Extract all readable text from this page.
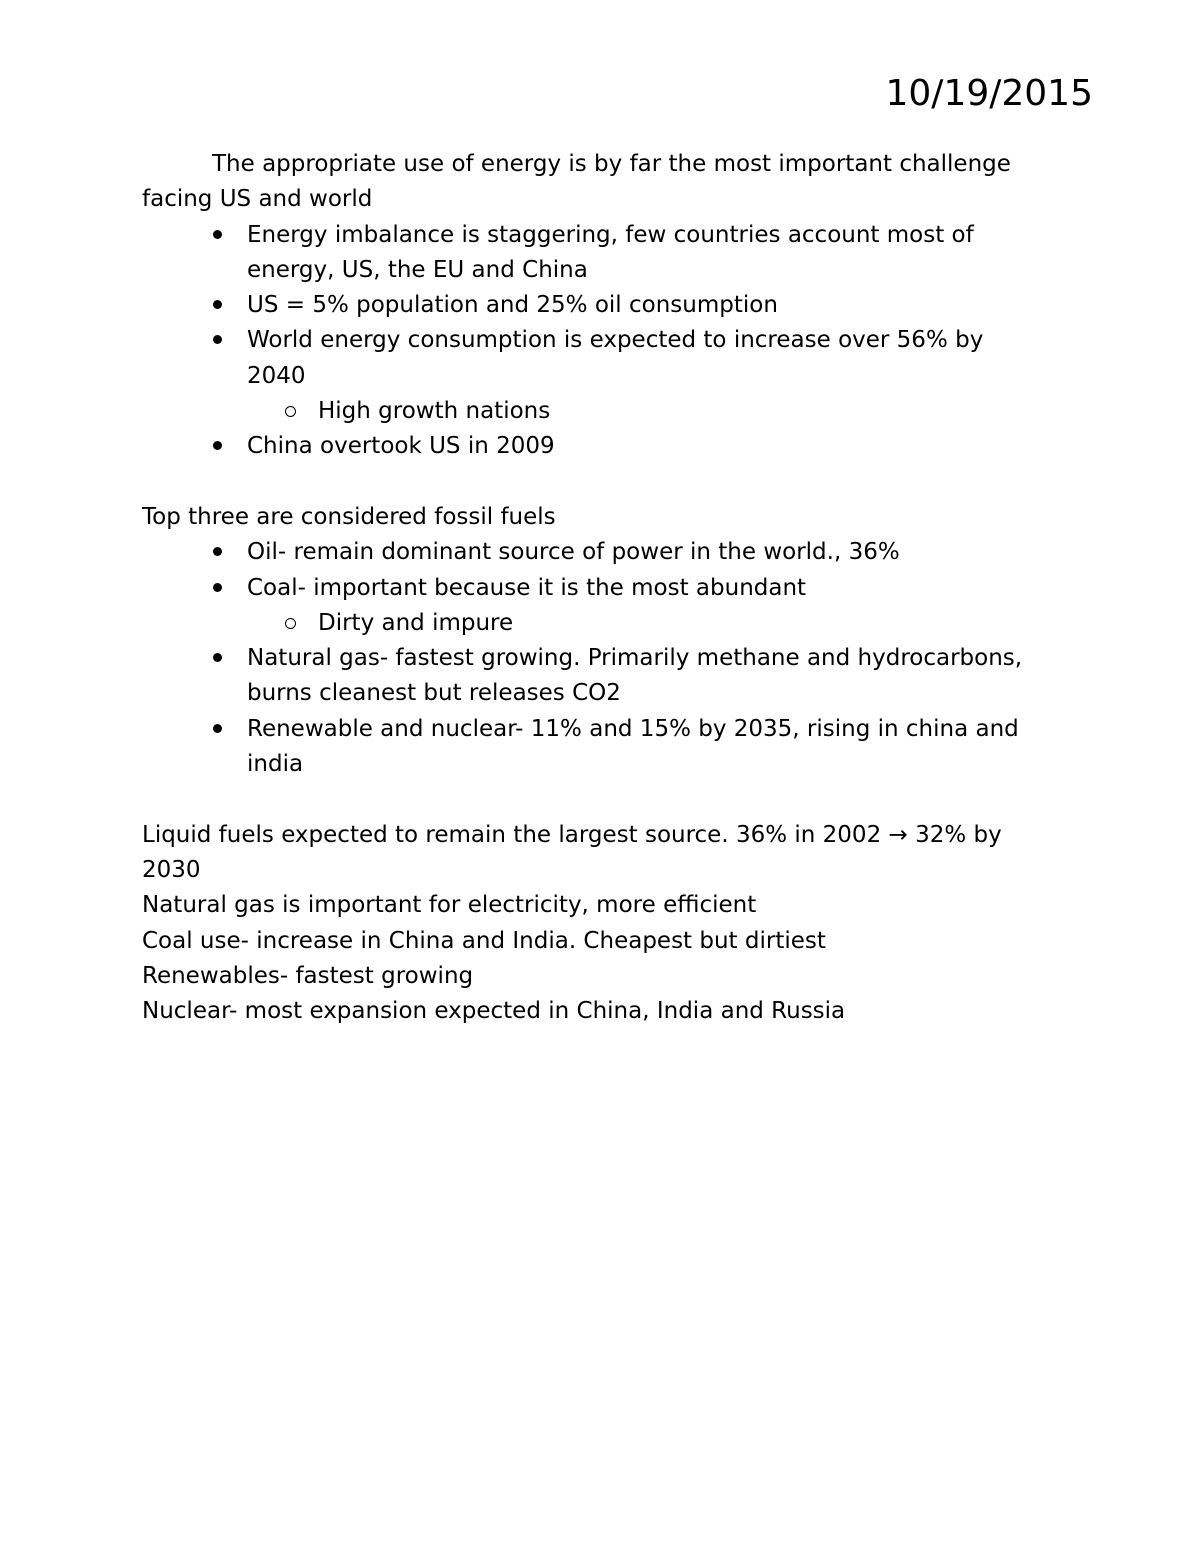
10/19/2015

The appropriate use of energy is by far the most important challenge

facing US and world

Energy imbalance is staggering, few countries account most of

energy, US, the EU and China

US = 5% population and 25% oil consumption

World energy consumption is expected to increase over 56% by

2040

High growth nations

China overtook US in 2009

Top three are considered fossil fuels

Oil- remain dominant source of power in the world., 36%

Coal- important because it is the most abundant

Dirty and impure

Natural gas- fastest growing. Primarily methane and hydrocarbons,

burns cleanest but releases CO2

Renewable and nuclear- 11% and 15% by 2035, rising in china and

india

Liquid fuels expected to remain the largest source. 36% in 2002 → 32% by

2030

Natural gas is important for electricity, more efficient

Coal use- increase in China and India. Cheapest but dirtiest

Renewables- fastest growing

Nuclear- most expansion expected in China, India and Russia
